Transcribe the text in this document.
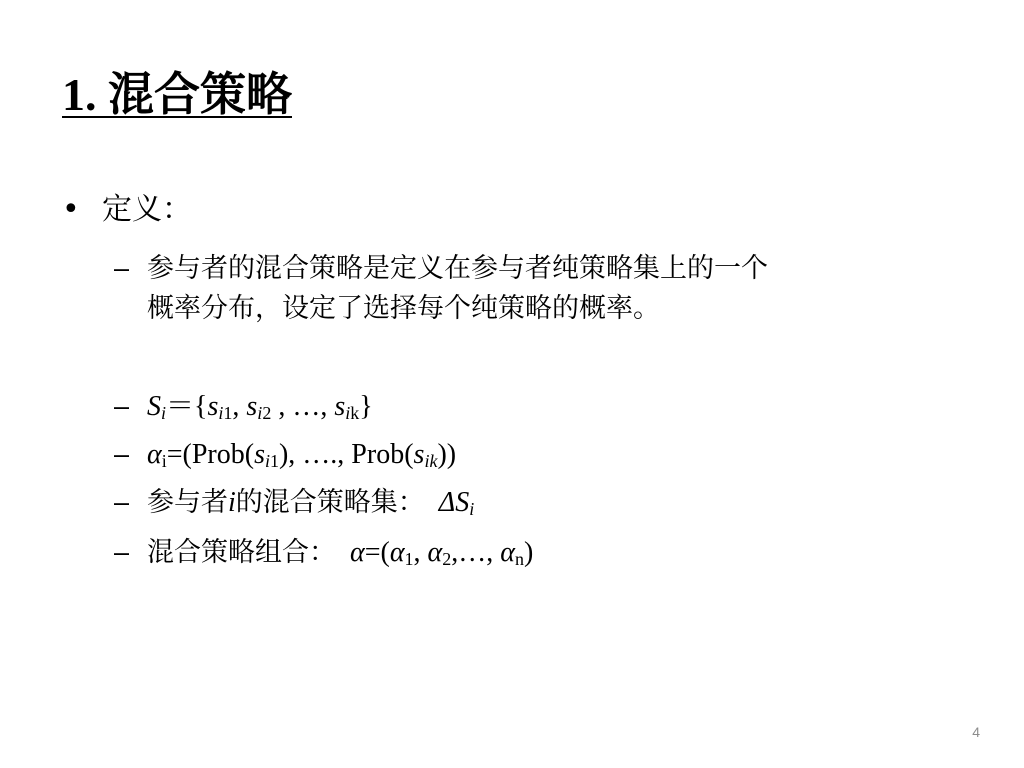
1. 混合策略
• 定义：
– 参与者的混合策略是定义在参与者纯策略集上的一个
概率分布，设定了选择每个纯策略的概率。
– $S_i=\{s_{i1}$, $s_{i2}$ , …, $s_{ik}$}
– $\alpha_i=(Prob(s_{i1})$, …., $Prob(s_{ik})$)
– 参与者i的混合策略集： $\Delta S_i$
– 混合策略组合： $\alpha=(\alpha_1$, $\alpha_2,\dots$, $\alpha_n$)
4
